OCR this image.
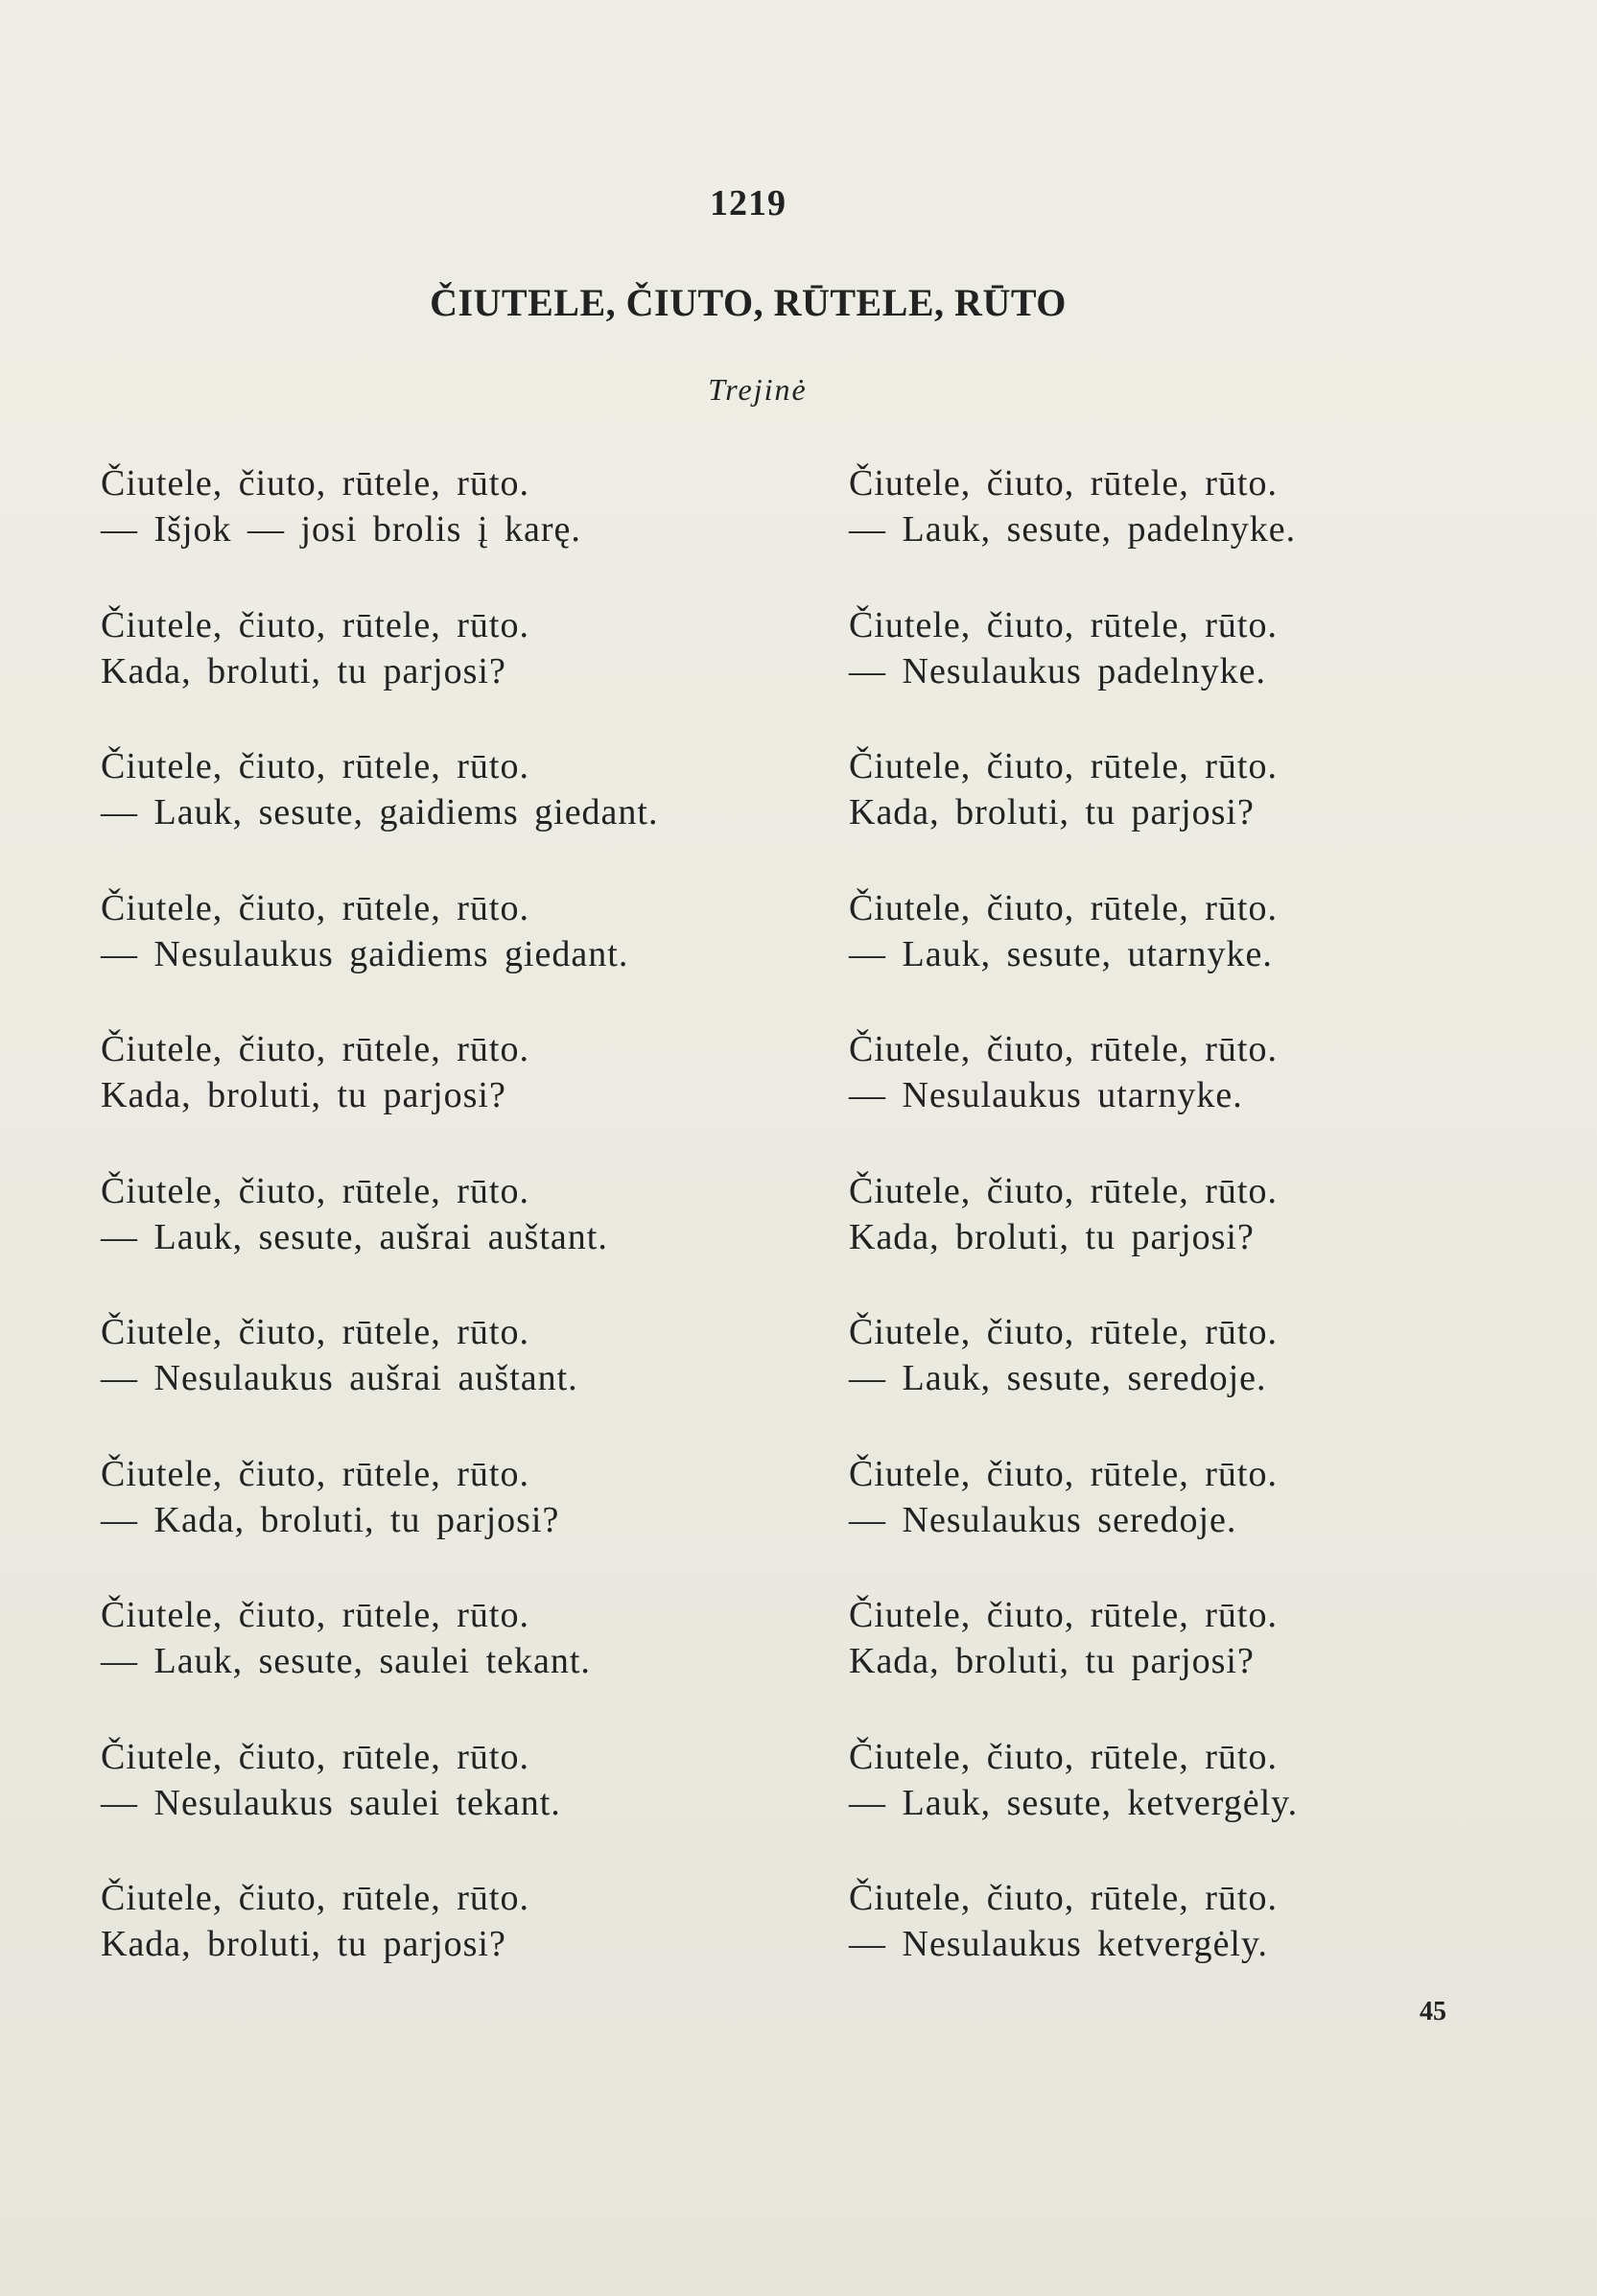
1219
ČIUTELE, ČIUTO, RŪTELE, RŪTO
Trejinė
Čiutele, čiuto, rūtele, rūto.
— Išjok — josi brolis į karę.
Čiutele, čiuto, rūtele, rūto.
Kada, broluti, tu parjosi?
Čiutele, čiuto, rūtele, rūto.
— Lauk, sesute, gaidiems giedant.
Čiutele, čiuto, rūtele, rūto.
— Nesulaukus gaidiems giedant.
Čiutele, čiuto, rūtele, rūto.
Kada, broluti, tu parjosi?
Čiutele, čiuto, rūtele, rūto.
— Lauk, sesute, aušrai auštant.
Čiutele, čiuto, rūtele, rūto.
— Nesulaukus aušrai auštant.
Čiutele, čiuto, rūtele, rūto.
— Kada, broluti, tu parjosi?
Čiutele, čiuto, rūtele, rūto.
— Lauk, sesute, saulei tekant.
Čiutele, čiuto, rūtele, rūto.
— Nesulaukus saulei tekant.
Čiutele, čiuto, rūtele, rūto.
Kada, broluti, tu parjosi?
Čiutele, čiuto, rūtele, rūto.
— Lauk, sesute, padelnyke.
Čiutele, čiuto, rūtele, rūto.
— Nesulaukus padelnyke.
Čiutele, čiuto, rūtele, rūto.
Kada, broluti, tu parjosi?
Čiutele, čiuto, rūtele, rūto.
— Lauk, sesute, utarnyke.
Čiutele, čiuto, rūtele, rūto.
— Nesulaukus utarnyke.
Čiutele, čiuto, rūtele, rūto.
Kada, broluti, tu parjosi?
Čiutele, čiuto, rūtele, rūto.
— Lauk, sesute, seredoje.
Čiutele, čiuto, rūtele, rūto.
— Nesulaukus seredoje.
Čiutele, čiuto, rūtele, rūto.
Kada, broluti, tu parjosi?
Čiutele, čiuto, rūtele, rūto.
— Lauk, sesute, ketvergėly.
Čiutele, čiuto, rūtele, rūto.
— Nesulaukus ketvergėly.
45
